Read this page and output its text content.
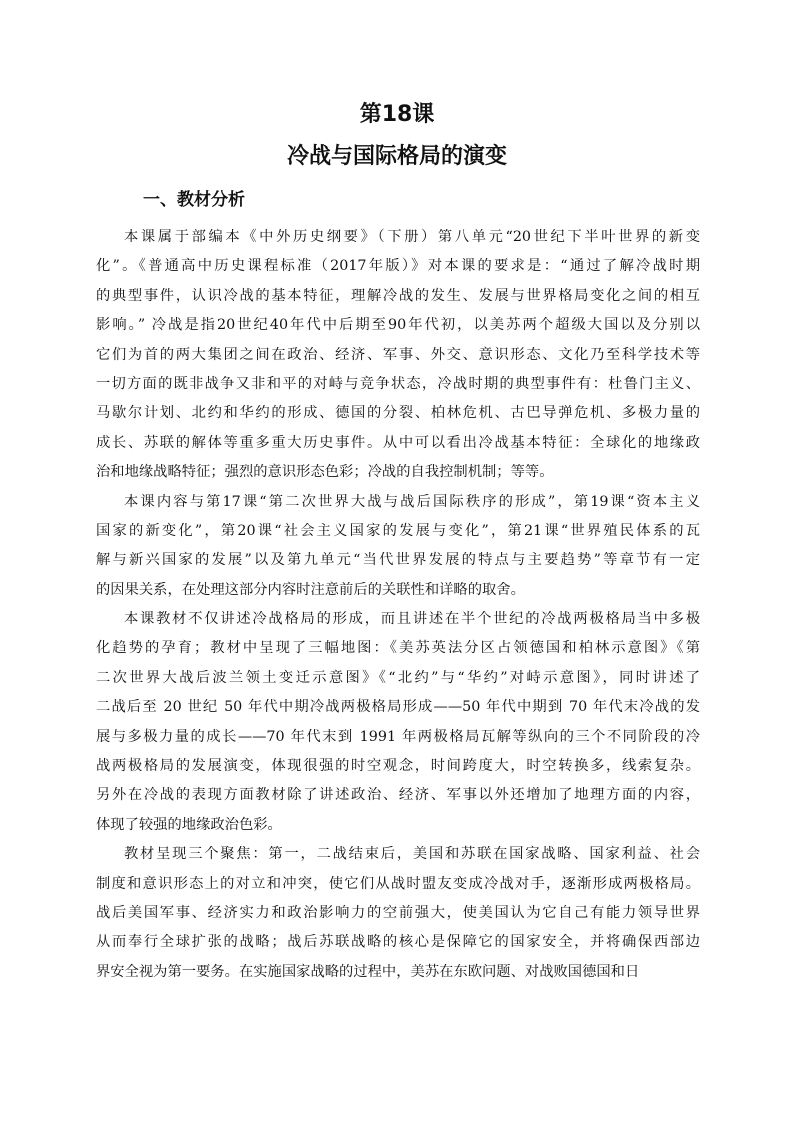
第18课
冷战与国际格局的演变
一、教材分析
本课属于部编本《中外历史纲要》（下册）第八单元“20世纪下半叶世界的新变
化”。《普通高中历史课程标准（2017年版）》对本课的要求是：“通过了解冷战时期
的典型事件，认识冷战的基本特征，理解冷战的发生、发展与世界格局变化之间的相互
影响。” 冷战是指20世纪40年代中后期至90年代初，以美苏两个超级大国以及分别以
它们为首的两大集团之间在政治、经济、军事、外交、意识形态、文化乃至科学技术等
一切方面的既非战争又非和平的对峙与竞争状态，冷战时期的典型事件有：杜鲁门主义、
马歇尔计划、北约和华约的形成、德国的分裂、柏林危机、古巴导弹危机、多极力量的
成长、苏联的解体等重多重大历史事件。从中可以看出冷战基本特征：全球化的地缘政
治和地缘战略特征；强烈的意识形态色彩；冷战的自我控制机制；等等。
本课内容与第17课“第二次世界大战与战后国际秩序的形成”，第19课“资本主义
国家的新变化”，第20课“社会主义国家的发展与变化”，第21课“世界殖民体系的瓦
解与新兴国家的发展”以及第九单元“当代世界发展的特点与主要趋势”等章节有一定
的因果关系，在处理这部分内容时注意前后的关联性和详略的取舍。
本课教材不仅讲述冷战格局的形成，而且讲述在半个世纪的冷战两极格局当中多极
化趋势的孕育；教材中呈现了三幅地图：《美苏英法分区占领德国和柏林示意图》《第
二次世界大战后波兰领土变迁示意图》《“北约”与“华约”对峙示意图》，同时讲述了
二战后至 20 世纪 50 年代中期冷战两极格局形成——50 年代中期到 70 年代末冷战的发
展与多极力量的成长——70 年代末到 1991 年两极格局瓦解等纵向的三个不同阶段的冷
战两极格局的发展演变，体现很强的时空观念，时间跨度大，时空转换多，线索复杂。
另外在冷战的表现方面教材除了讲述政治、经济、军事以外还增加了地理方面的内容，
体现了较强的地缘政治色彩。
教材呈现三个聚焦：第一，二战结束后，美国和苏联在国家战略、国家利益、社会
制度和意识形态上的对立和冲突，使它们从战时盟友变成冷战对手，逐渐形成两极格局。
战后美国军事、经济实力和政治影响力的空前强大，使美国认为它自己有能力领导世界
从而奉行全球扩张的战略；战后苏联战略的核心是保障它的国家安全，并将确保西部边
界安全视为第一要务。在实施国家战略的过程中，美苏在东欧问题、对战败国德国和日
